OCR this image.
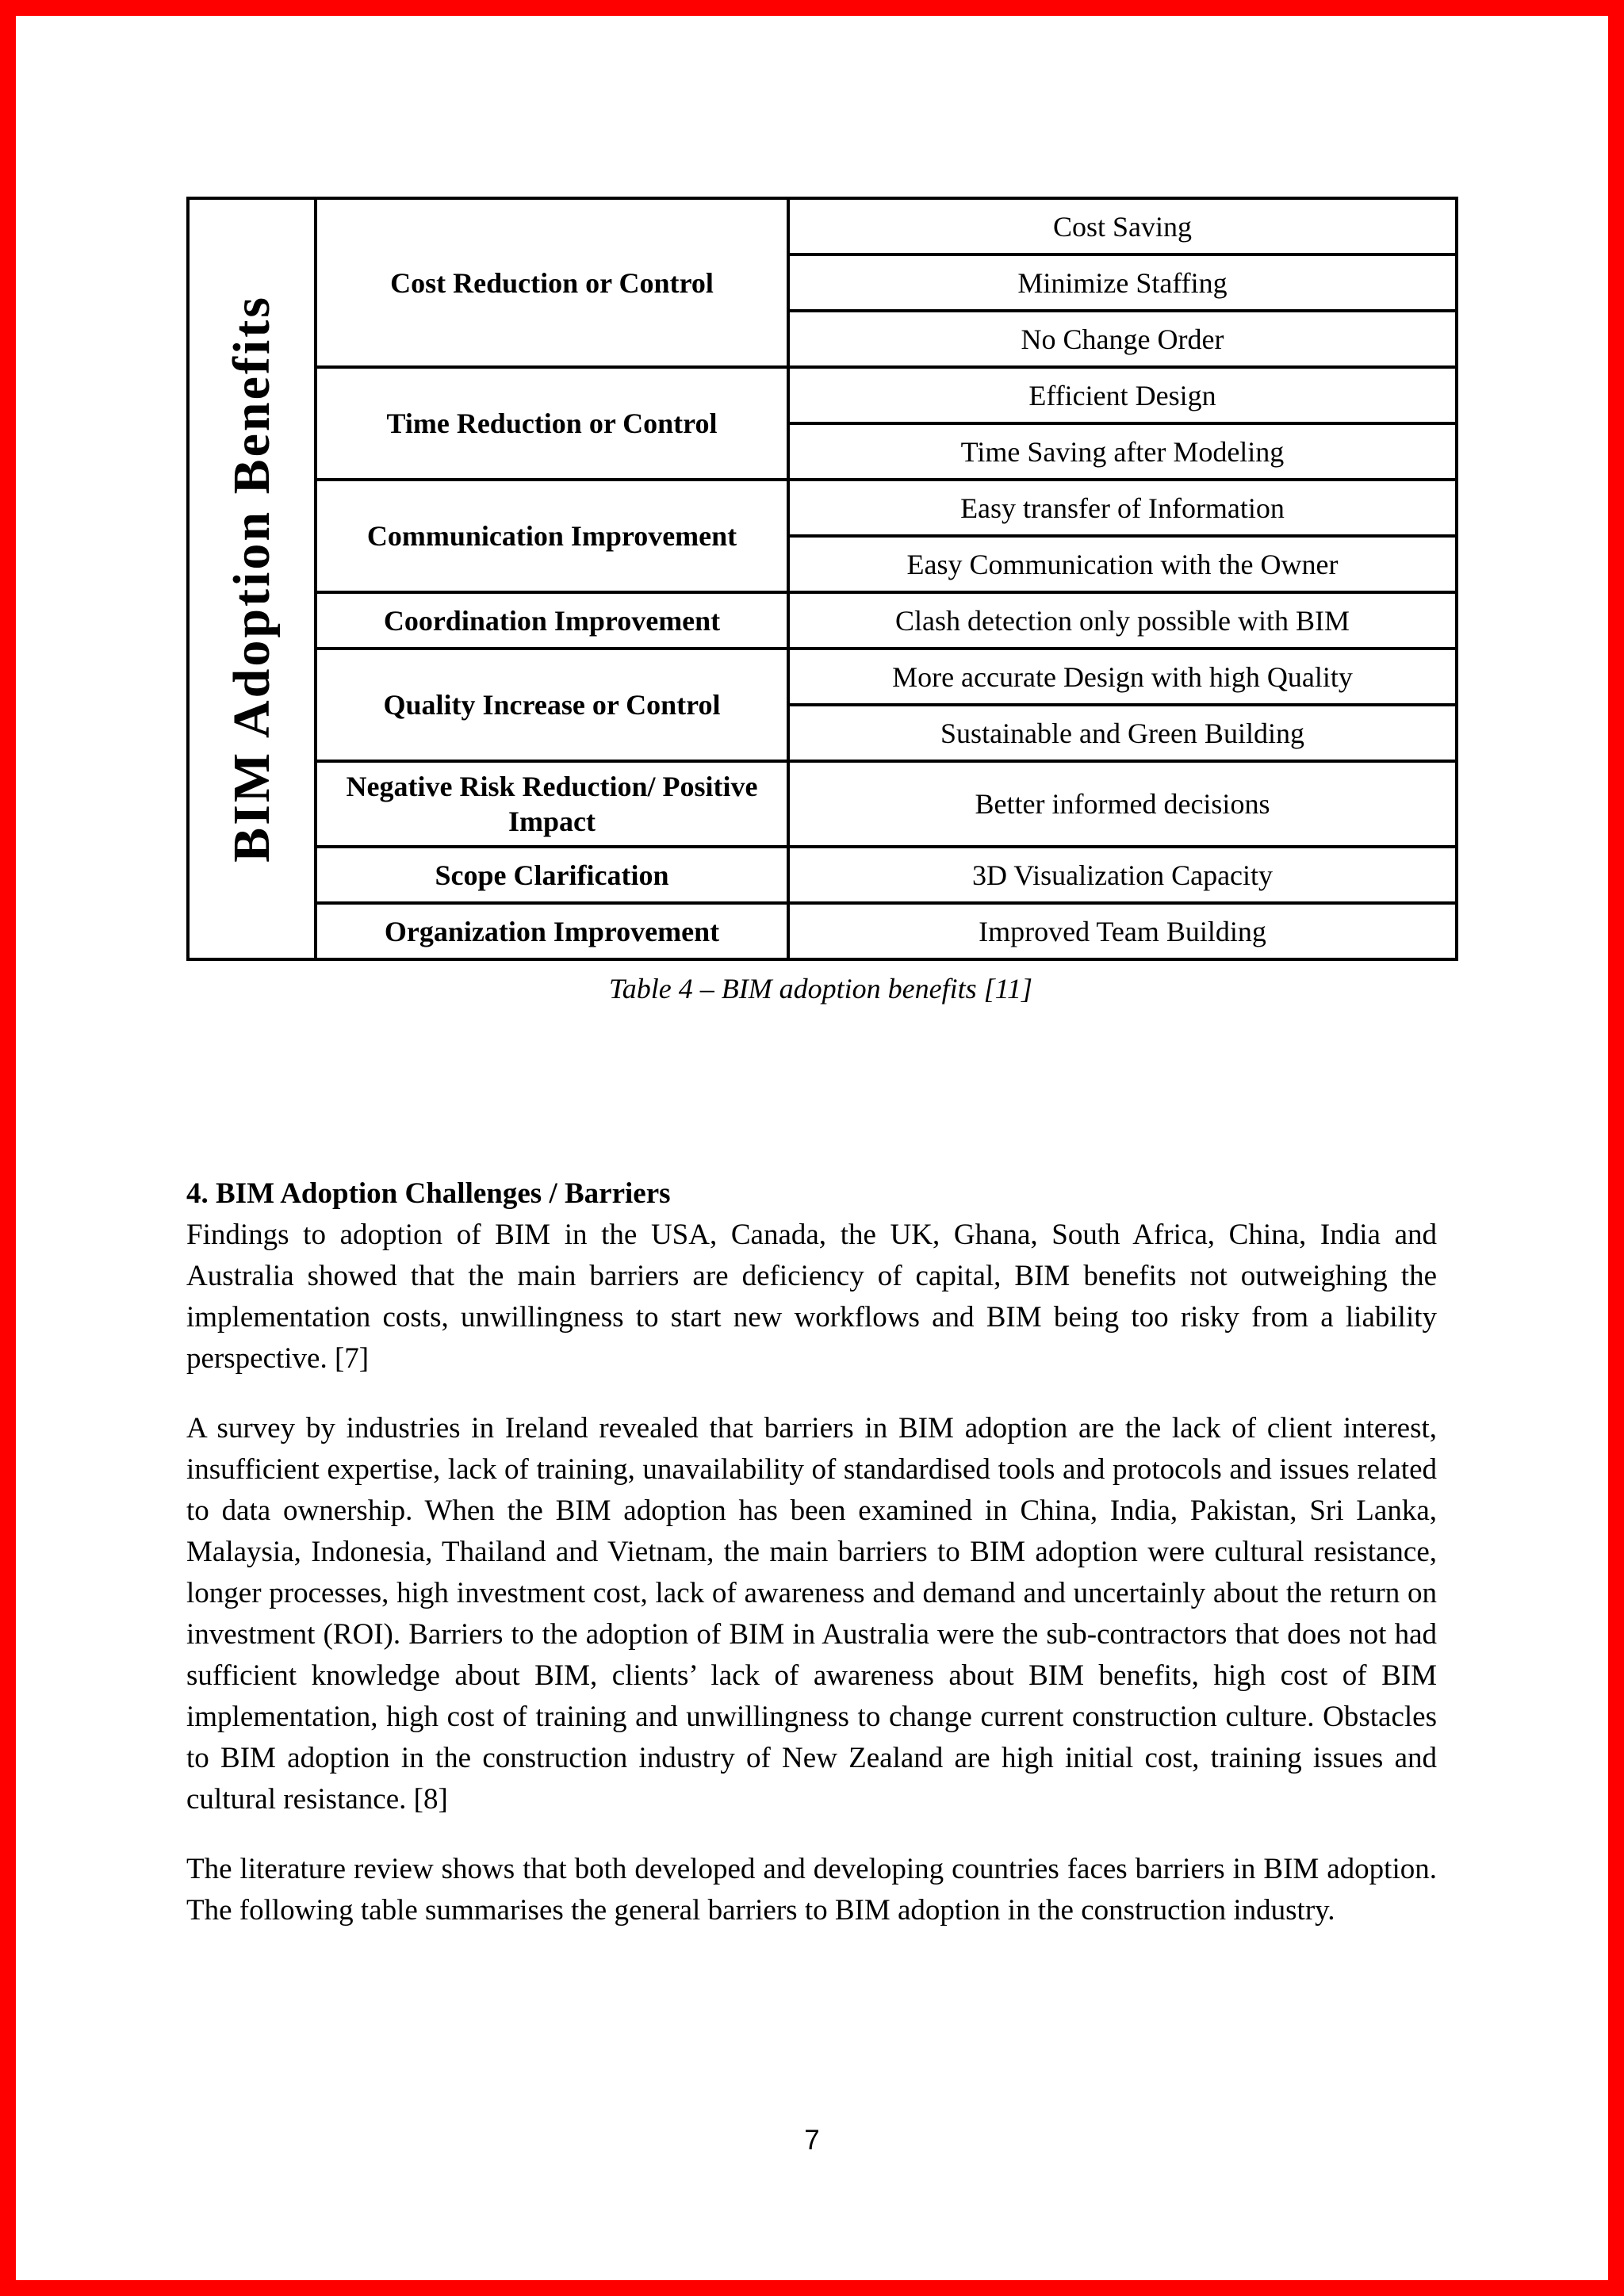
BIM Adoption Benefits	Cost Reduction or Control	Cost Saving
		Minimize Staffing
		No Change Order
	Time Reduction or Control	Efficient Design
		Time Saving after Modeling
	Communication Improvement	Easy transfer of Information
		Easy Communication with the Owner
	Coordination Improvement	Clash detection only possible with BIM
	Quality Increase or Control	More accurate Design with high Quality
		Sustainable and Green Building
	Negative Risk Reduction/ Positive Impact	Better informed decisions
	Scope Clarification	3D Visualization Capacity
	Organization Improvement	Improved Team Building
Table 4 – BIM adoption benefits [11]
4. BIM Adoption Challenges / Barriers

Findings to adoption of BIM in the USA, Canada, the UK, Ghana, South Africa, China, India and Australia showed that the main barriers are deficiency of capital, BIM benefits not outweighing the implementation costs, unwillingness to start new workflows and BIM being too risky from a liability perspective. [7]

A survey by industries in Ireland revealed that barriers in BIM adoption are the lack of client interest, insufficient expertise, lack of training, unavailability of standardised tools and protocols and issues related to data ownership. When the BIM adoption has been examined in China, India, Pakistan, Sri Lanka, Malaysia, Indonesia, Thailand and Vietnam, the main barriers to BIM adoption were cultural resistance, longer processes, high investment cost, lack of awareness and demand and uncertainly about the return on investment (ROI). Barriers to the adoption of BIM in Australia were the sub-contractors that does not had sufficient knowledge about BIM, clients’ lack of awareness about BIM benefits, high cost of BIM implementation, high cost of training and unwillingness to change current construction culture. Obstacles to BIM adoption in the construction industry of New Zealand are high initial cost, training issues and cultural resistance. [8]

The literature review shows that both developed and developing countries faces barriers in BIM adoption. The following table summarises the general barriers to BIM adoption in the construction industry.

7
